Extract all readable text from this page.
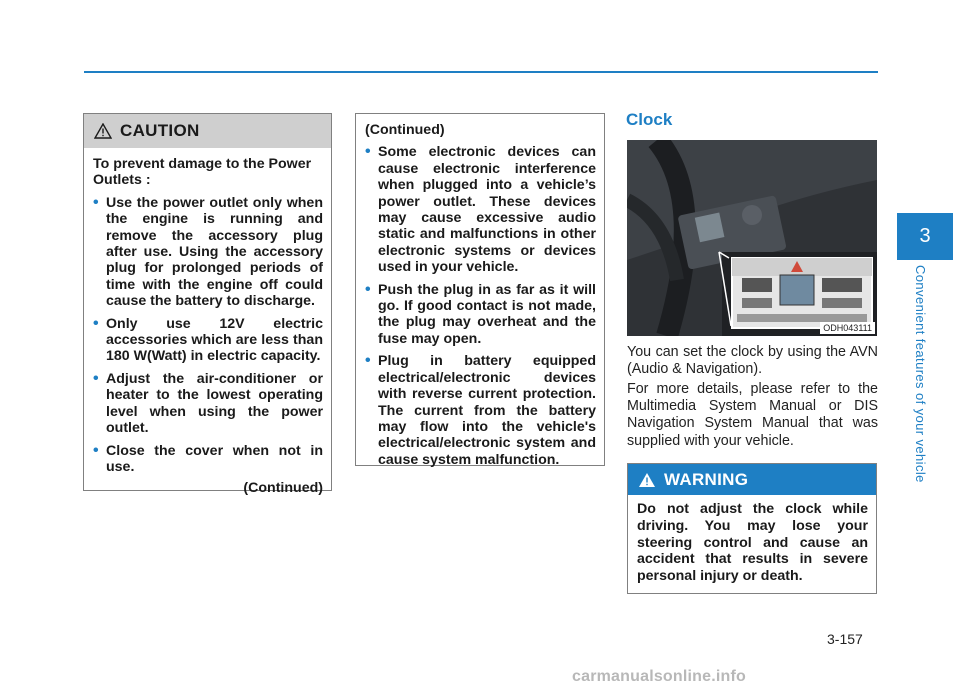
CAUTION

To prevent damage to the Power Outlets :

• Use the power outlet only when the engine is running and remove the accessory plug after use. Using the accessory plug for prolonged periods of time with the engine off could cause the battery to discharge.
• Only use 12V electric accessories which are less than 180 W(Watt) in electric capacity.
• Adjust the air-conditioner or heater to the lowest operating level when using the power outlet.
• Close the cover when not in use.
(Continued)

(Continued)

• Some electronic devices can cause electronic interference when plugged into a vehicle’s power outlet. These devices may cause excessive audio static and malfunctions in other electronic systems or devices used in your vehicle.
• Push the plug in as far as it will go. If good contact is not made, the plug may overheat and the fuse may open.
• Plug in battery equipped electrical/electronic devices with reverse current protection. The current from the battery may flow into the vehicle's electrical/electronic system and cause system malfunction.
Clock
ODH043111

You can set the clock by using the AVN (Audio & Navigation).

For more details, please refer to the Multimedia System Manual or DIS Navigation System Manual that was supplied with your vehicle.

WARNING

Do not adjust the clock while driving. You may lose your steering control and cause an accident that results in severe personal injury or death.

3
Convenient features of your vehicle
3-157
carmanualsonline.info
